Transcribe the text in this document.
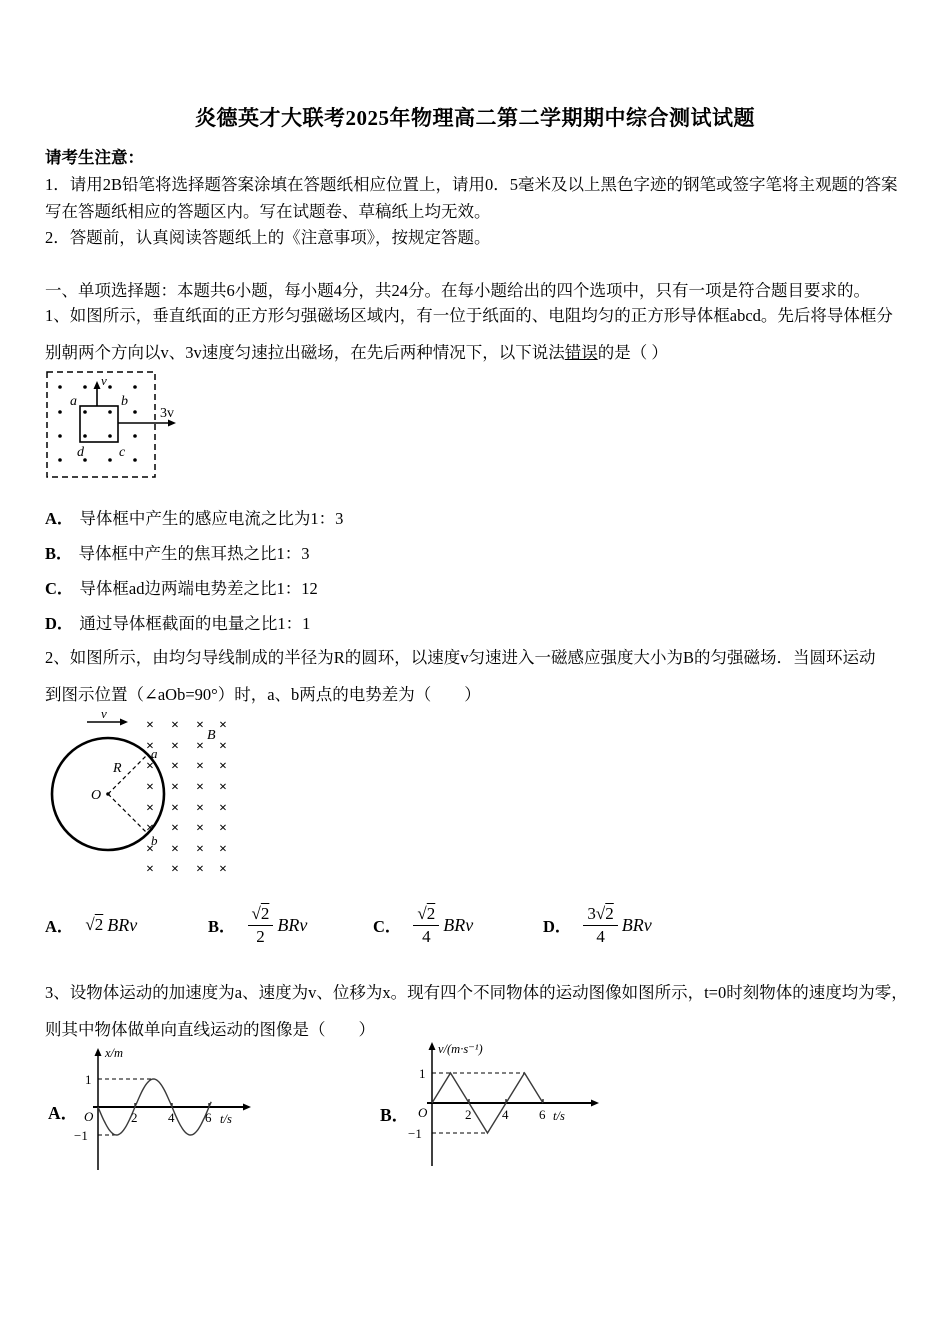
炎德英才大联考2025年物理高二第二学期期中综合测试试题
请考生注意：
1．请用2B铅笔将选择题答案涂填在答题纸相应位置上，请用0．5毫米及以上黑色字迹的钢笔或签字笔将主观题的答案写在答题纸相应的答题区内。写在试题卷、草稿纸上均无效。
2．答题前，认真阅读答题纸上的《注意事项》，按规定答题。
一、单项选择题：本题共6小题，每小题4分，共24分。在每小题给出的四个选项中，只有一项是符合题目要求的。
1、如图所示，垂直纸面的正方形匀强磁场区域内，有一位于纸面的、电阻均匀的正方形导体框abcd。先后将导体框分
别朝两个方向以v、3v速度匀速拉出磁场，在先后两种情况下，以下说法错误的是（ ）
a	b
c
d
v
3v
A． 导体框中产生的感应电流之比为1：3
B． 导体框中产生的焦耳热之比1：3
C． 导体框ad边两端电势差之比1：12
D． 通过导体框截面的电量之比1：1
2、如图所示，由均匀导线制成的半径为R的圆环，以速度v匀速进入一磁感应强度大小为B的匀强磁场．当圆环运动
到图示位置（∠aOb=90°）时，a、b两点的电势差为（　　）
× × × ×
× × × ×
× × × ×
× × × ×
× × × ×
× × × ×
× × × ×
× × × ×
v
B
R
O
a
b
A． √2 BRv	B． $\frac{√2}{2}$ BRv	C． $\frac{√2}{4}$ BRv	D． $\frac{3√2}{4}$ BRv
3、设物体运动的加速度为a、速度为v、位移为x。现有四个不同物体的运动图像如图所示，t=0时刻物体的速度均为零，
则其中物体做单向直线运动的图像是（　　）
A．
x/m
1
−1
O	2 4 6 t/s	B．
v/(m·s⁻¹)
1
−1
O	2 4 6 t/s
